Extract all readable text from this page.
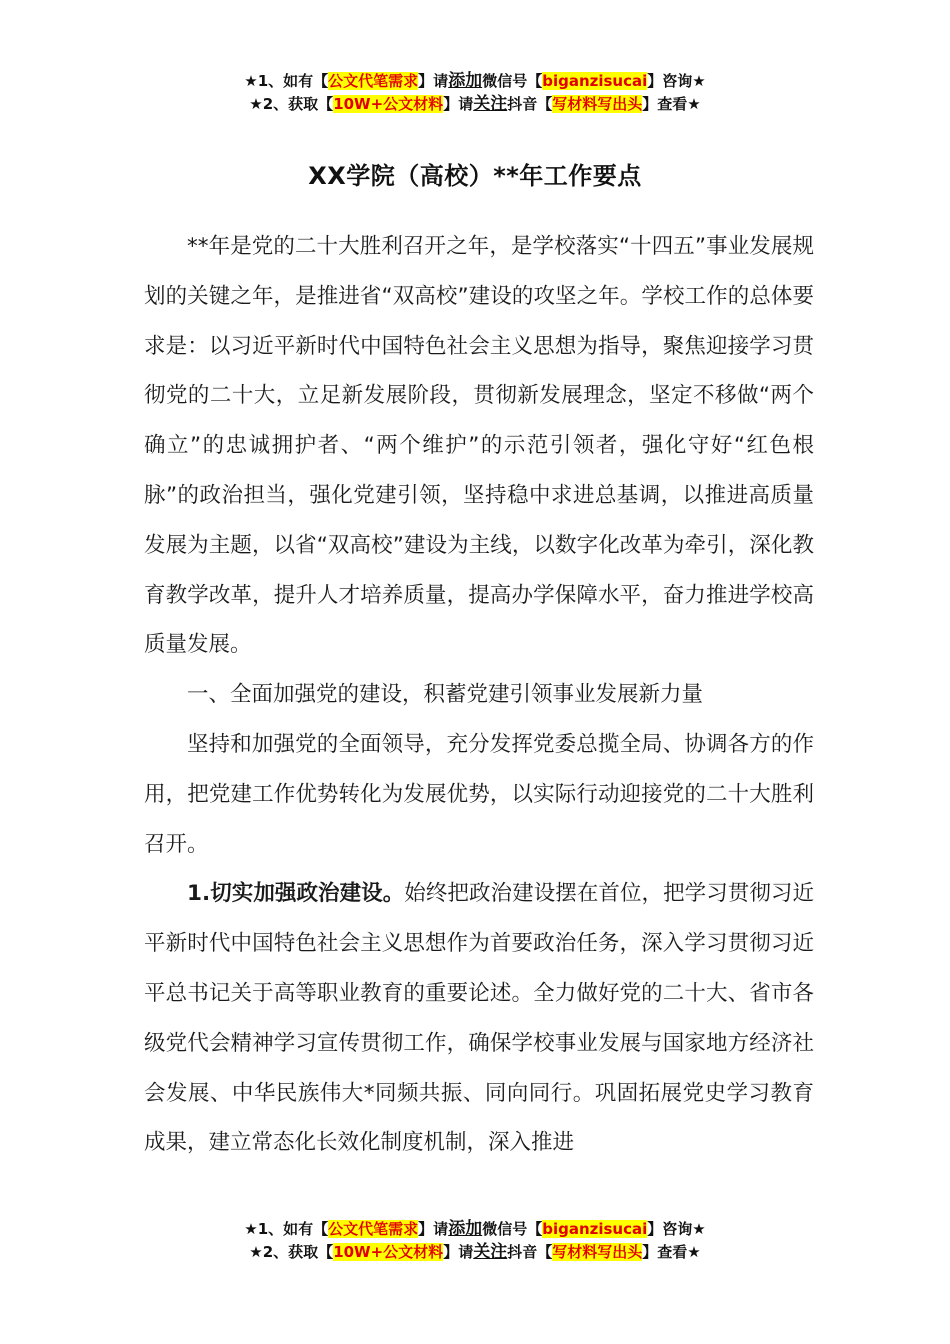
★1、如有【公文代笔需求】请添加微信号【biganzisucai】咨询★
★2、获取【10W+公文材料】请关注抖音【写材料写出头】查看★
XX学院（高校）**年工作要点

**年是党的二十大胜利召开之年，是学校落实“十四五”事业发展规划的关键之年，是推进省“双高校”建设的攻坚之年。学校工作的总体要求是：以习近平新时代中国特色社会主义思想为指导，聚焦迎接学习贯彻党的二十大，立足新发展阶段，贯彻新发展理念，坚定不移做“两个确立”的忠诚拥护者、“两个维护”的示范引领者，强化守好“红色根脉”的政治担当，强化党建引领，坚持稳中求进总基调，以推进高质量发展为主题，以省“双高校”建设为主线，以数字化改革为牵引，深化教育教学改革，提升人才培养质量，提高办学保障水平，奋力推进学校高质量发展。

一、全面加强党的建设，积蓄党建引领事业发展新力量

坚持和加强党的全面领导，充分发挥党委总揽全局、协调各方的作用，把党建工作优势转化为发展优势，以实际行动迎接党的二十大胜利召开。

1.切实加强政治建设。始终把政治建设摆在首位，把学习贯彻习近平新时代中国特色社会主义思想作为首要政治任务，深入学习贯彻习近平总书记关于高等职业教育的重要论述。全力做好党的二十大、省市各级党代会精神学习宣传贯彻工作，确保学校事业发展与国家地方经济社会发展、中华民族伟大*同频共振、同向同行。巩固拓展党史学习教育成果，建立常态化长效化制度机制，深入推进

★1、如有【公文代笔需求】请添加微信号【biganzisucai】咨询★
★2、获取【10W+公文材料】请关注抖音【写材料写出头】查看★
